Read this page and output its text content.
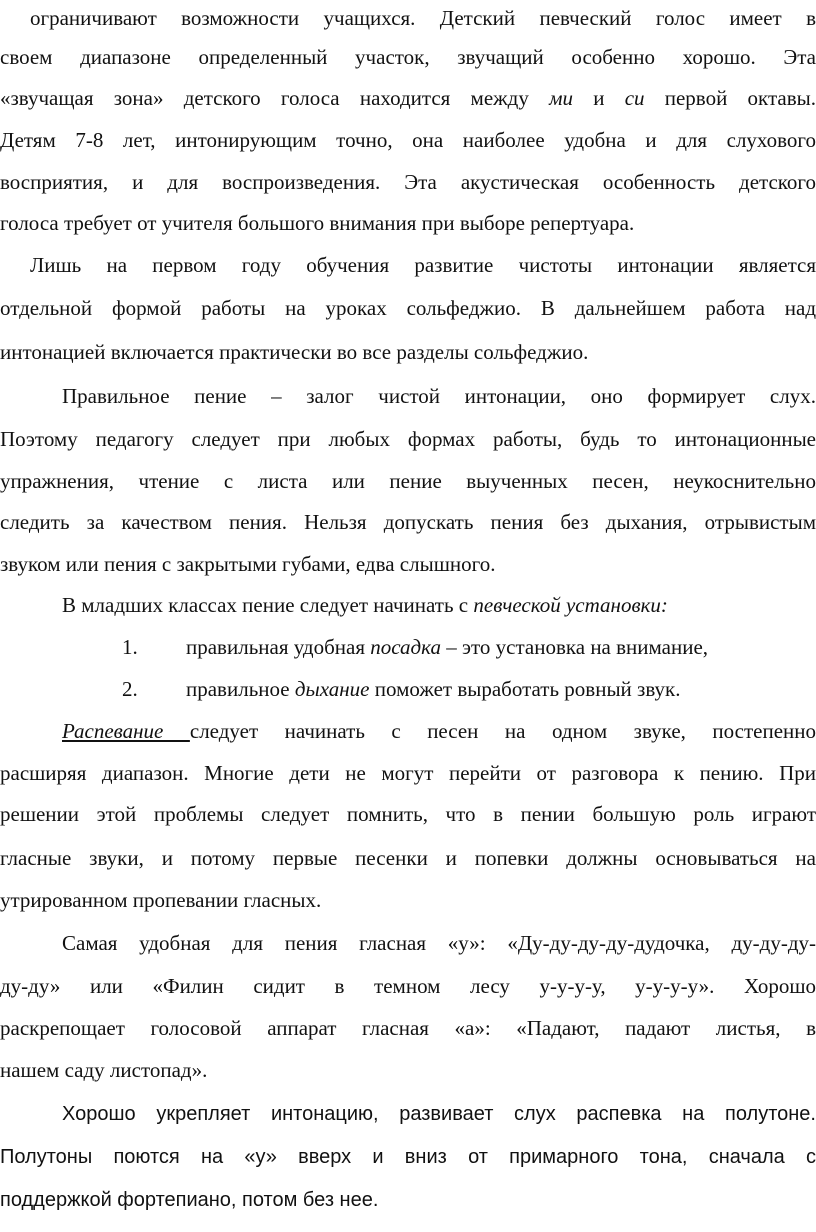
ограничивают возможности учащихся. Детский певческий голос имеет в
своем диапазоне определенный участок, звучащий особенно хорошо. Эта
«звучащая зона» детского голоса находится между ми и си первой октавы.
Детям 7-8 лет, интонирующим точно, она наиболее удобна и для слухового
восприятия, и для воспроизведения. Эта акустическая особенность детского
голоса требует от учителя большого внимания при выборе репертуара.
Лишь на первом году обучения развитие чистоты интонации является
отдельной формой работы на уроках сольфеджио. В дальнейшем работа над
интонацией включается практически во все разделы сольфеджио.
Правильное пение – залог чистой интонации, оно формирует слух.
Поэтому педагогу следует при любых формах работы, будь то интонационные
упражнения, чтение с листа или пение выученных песен, неукоснительно
следить за качеством пения. Нельзя допускать пения без дыхания, отрывистым
звуком или пения с закрытыми губами, едва слышного.
В младших классах пение следует начинать с певческой установки:
1. правильная удобная посадка – это установка на внимание,
2. правильное дыхание поможет выработать ровный звук.
Распевание следует начинать с песен на одном звуке, постепенно
расширяя диапазон. Многие дети не могут перейти от разговора к пению. При
решении этой проблемы следует помнить, что в пении большую роль играют
гласные звуки, и потому первые песенки и попевки должны основываться на
утрированном пропевании гласных.
Самая удобная для пения гласная «у»: «Ду-ду-ду-ду-дудочка, ду-ду-ду-
ду-ду» или «Филин сидит в темном лесу у-у-у-у, у-у-у-у». Хорошо
раскрепощает голосовой аппарат гласная «а»: «Падают, падают листья, в
нашем саду листопад».
Хорошо укрепляет интонацию, развивает слух распевка на полутоне.
Полутоны поются на «у» вверх и вниз от примарного тона, сначала с
поддержкой фортепиано, потом без нее.
